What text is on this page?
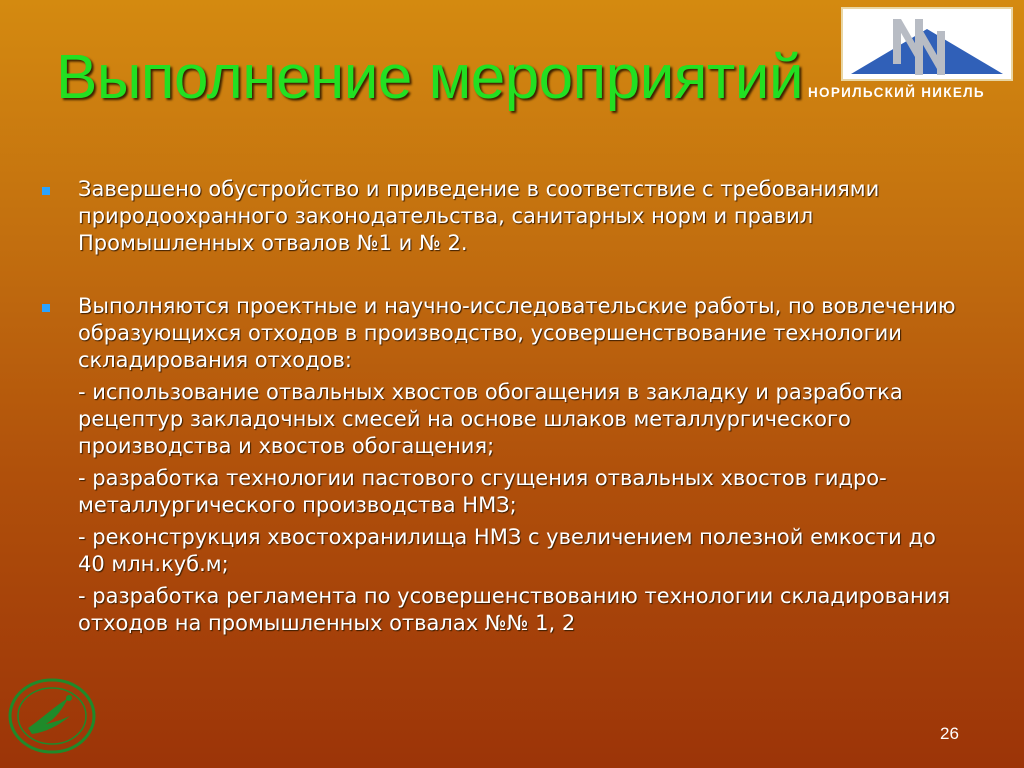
Выполнение мероприятий НОРИЛЬСКИЙ НИКЕЛЬ

Завершено обустройство и приведение в соответствие с требованиями природоохранного законодательства, санитарных норм и правил Промышленных отвалов №1 и № 2.

Выполняются проектные и научно-исследовательские работы, по вовлечению образующихся отходов в производство, усовершенствование технологии складирования отходов:

- использование отвальных хвостов обогащения в закладку и разработка рецептур закладочных смесей на основе шлаков металлургического производства и хвостов обогащения;

- разработка технологии пастового сгущения отвальных хвостов гидро-металлургического производства НМЗ;

- реконструкция хвостохранилища НМЗ с увеличением полезной емкости до 40 млн.куб.м;

- разработка регламента по усовершенствованию технологии складирования отходов на промышленных отвалах №№ 1, 2

26
